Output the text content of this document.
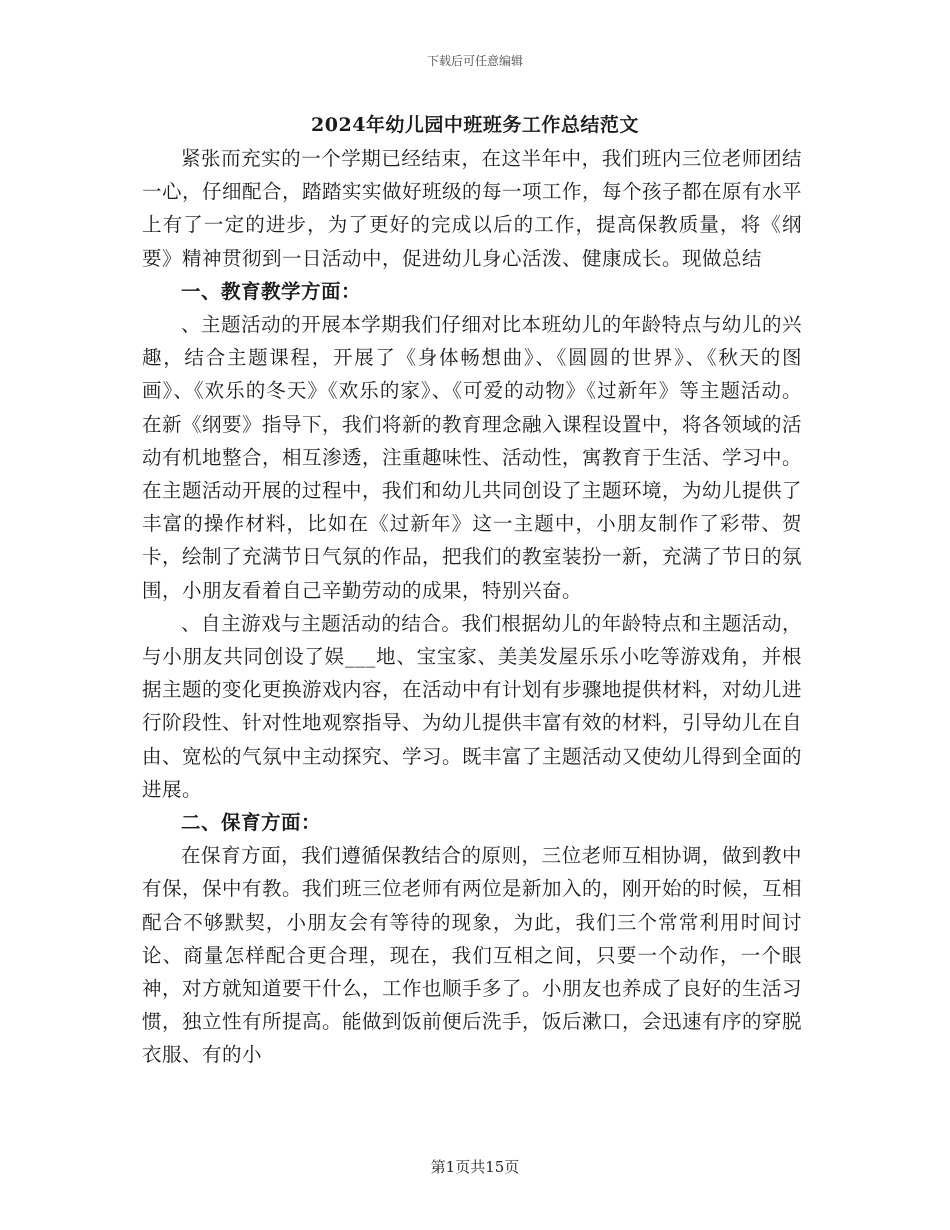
下载后可任意编辑
2024年幼儿园中班班务工作总结范文

紧张而充实的一个学期已经结束，在这半年中，我们班内三位老师团结一心，仔细配合，踏踏实实做好班级的每一项工作，每个孩子都在原有水平上有了一定的进步，为了更好的完成以后的工作，提高保教质量，将《纲要》精神贯彻到一日活动中，促进幼儿身心活泼、健康成长。现做总结

一、教育教学方面：

、主题活动的开展本学期我们仔细对比本班幼儿的年龄特点与幼儿的兴趣，结合主题课程，开展了《身体畅想曲》、《圆圆的世界》、《秋天的图画》、《欢乐的冬天》《欢乐的家》、《可爱的动物》《过新年》等主题活动。在新《纲要》指导下，我们将新的教育理念融入课程设置中，将各领域的活动有机地整合，相互渗透，注重趣味性、活动性，寓教育于生活、学习中。在主题活动开展的过程中，我们和幼儿共同创设了主题环境，为幼儿提供了丰富的操作材料，比如在《过新年》这一主题中，小朋友制作了彩带、贺卡，绘制了充满节日气氛的作品，把我们的教室装扮一新，充满了节日的氛围，小朋友看着自己辛勤劳动的成果，特别兴奋。

、自主游戏与主题活动的结合。我们根据幼儿的年龄特点和主题活动，与小朋友共同创设了娱___地、宝宝家、美美发屋乐乐小吃等游戏角，并根据主题的变化更换游戏内容，在活动中有计划有步骤地提供材料，对幼儿进行阶段性、针对性地观察指导、为幼儿提供丰富有效的材料，引导幼儿在自由、宽松的气氛中主动探究、学习。既丰富了主题活动又使幼儿得到全面的进展。

二、保育方面：

在保育方面，我们遵循保教结合的原则，三位老师互相协调，做到教中有保，保中有教。我们班三位老师有两位是新加入的，刚开始的时候，互相配合不够默契，小朋友会有等待的现象，为此，我们三个常常利用时间讨论、商量怎样配合更合理，现在，我们互相之间，只要一个动作，一个眼神，对方就知道要干什么，工作也顺手多了。小朋友也养成了良好的生活习惯，独立性有所提高。能做到饭前便后洗手，饭后漱口，会迅速有序的穿脱衣服、有的小

第1页共15页
